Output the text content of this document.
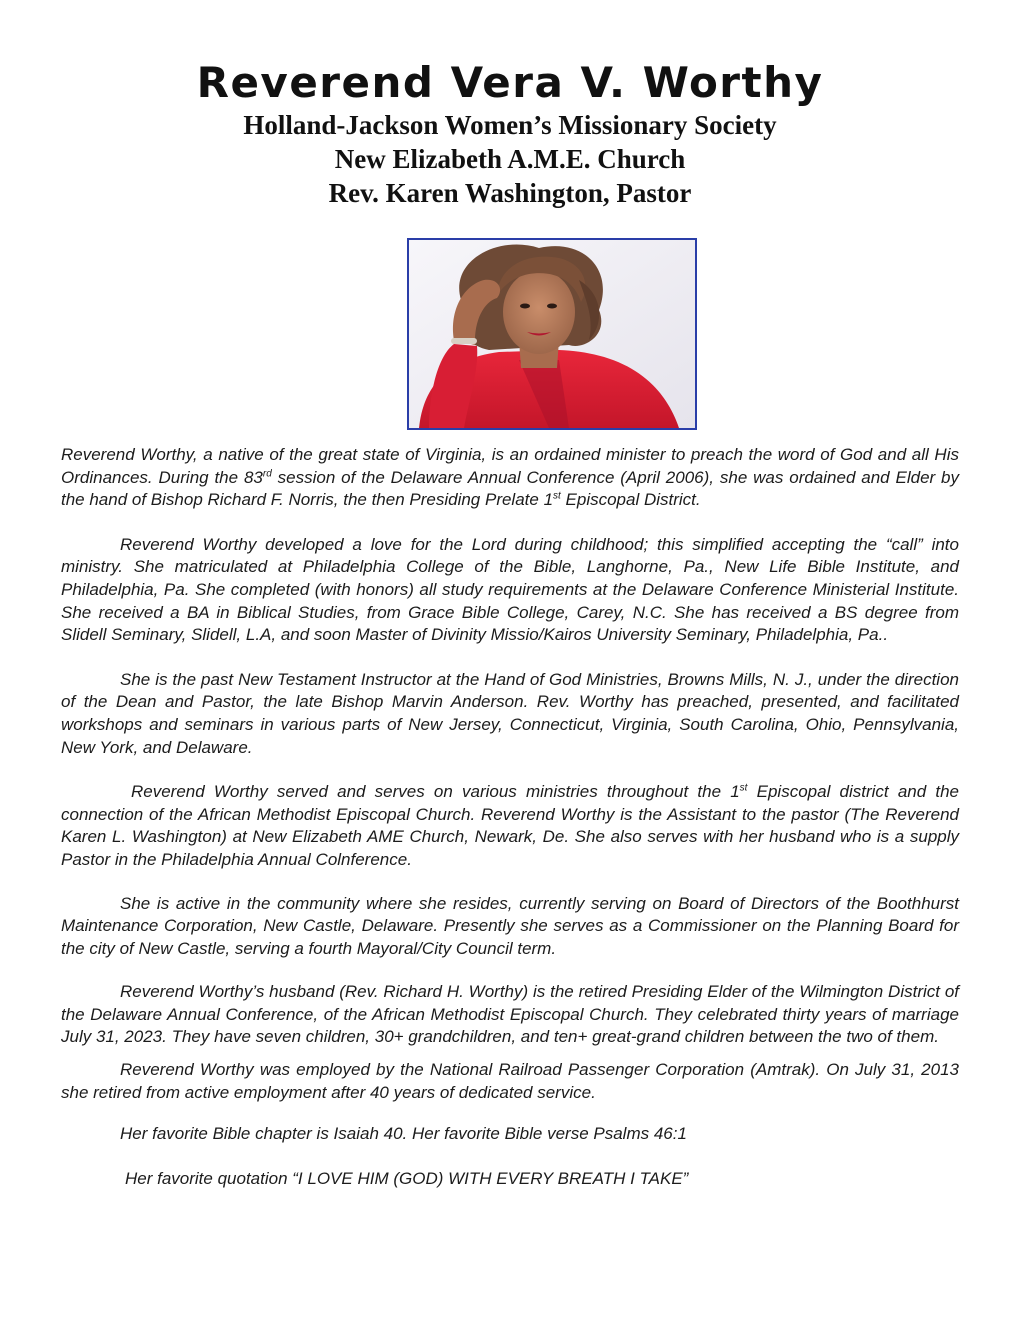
Reverend Vera V. Worthy
Holland-Jackson Women’s Missionary Society
New Elizabeth A.M.E. Church
Rev. Karen Washington, Pastor

Reverend Worthy, a native of the great state of Virginia, is an ordained minister to preach the word of God and all His Ordinances. During the 83rd session of the Delaware Annual Conference (April 2006), she was ordained and Elder by the hand of Bishop Richard F. Norris, the then Presiding Prelate 1st Episcopal District.

Reverend Worthy developed a love for the Lord during childhood; this simplified accepting the “call” into ministry. She matriculated at Philadelphia College of the Bible, Langhorne, Pa., New Life Bible Institute, and Philadelphia, Pa. She completed (with honors) all study requirements at the Delaware Conference Ministerial Institute. She received a BA in Biblical Studies, from Grace Bible College, Carey, N.C. She has received a BS degree from Slidell Seminary, Slidell, L.A, and soon Master of Divinity Missio/Kairos University Seminary, Philadelphia, Pa..

She is the past New Testament Instructor at the Hand of God Ministries, Browns Mills, N. J., under the direction of the Dean and Pastor, the late Bishop Marvin Anderson. Rev. Worthy has preached, presented, and facilitated workshops and seminars in various parts of New Jersey, Connecticut, Virginia, South Carolina, Ohio, Pennsylvania, New York, and Delaware.

Reverend Worthy served and serves on various ministries throughout the 1st Episcopal district and the connection of the African Methodist Episcopal Church. Reverend Worthy is the Assistant to the pastor (The Reverend Karen L. Washington) at New Elizabeth AME Church, Newark, De. She also serves with her husband who is a supply Pastor in the Philadelphia Annual Colnference.

She is active in the community where she resides, currently serving on Board of Directors of the Boothhurst Maintenance Corporation, New Castle, Delaware. Presently she serves as a Commissioner on the Planning Board for the city of New Castle, serving a fourth Mayoral/City Council term.

Reverend Worthy’s husband (Rev. Richard H. Worthy) is the retired Presiding Elder of the Wilmington District of the Delaware Annual Conference, of the African Methodist Episcopal Church. They celebrated thirty years of marriage July 31, 2023. They have seven children, 30+ grandchildren, and ten+ great-grand children between the two of them.

Reverend Worthy was employed by the National Railroad Passenger Corporation (Amtrak). On July 31, 2013 she retired from active employment after 40 years of dedicated service.

Her favorite Bible chapter is Isaiah 40. Her favorite Bible verse Psalms 46:1

Her favorite quotation “I LOVE HIM (GOD) WITH EVERY BREATH I TAKE”
